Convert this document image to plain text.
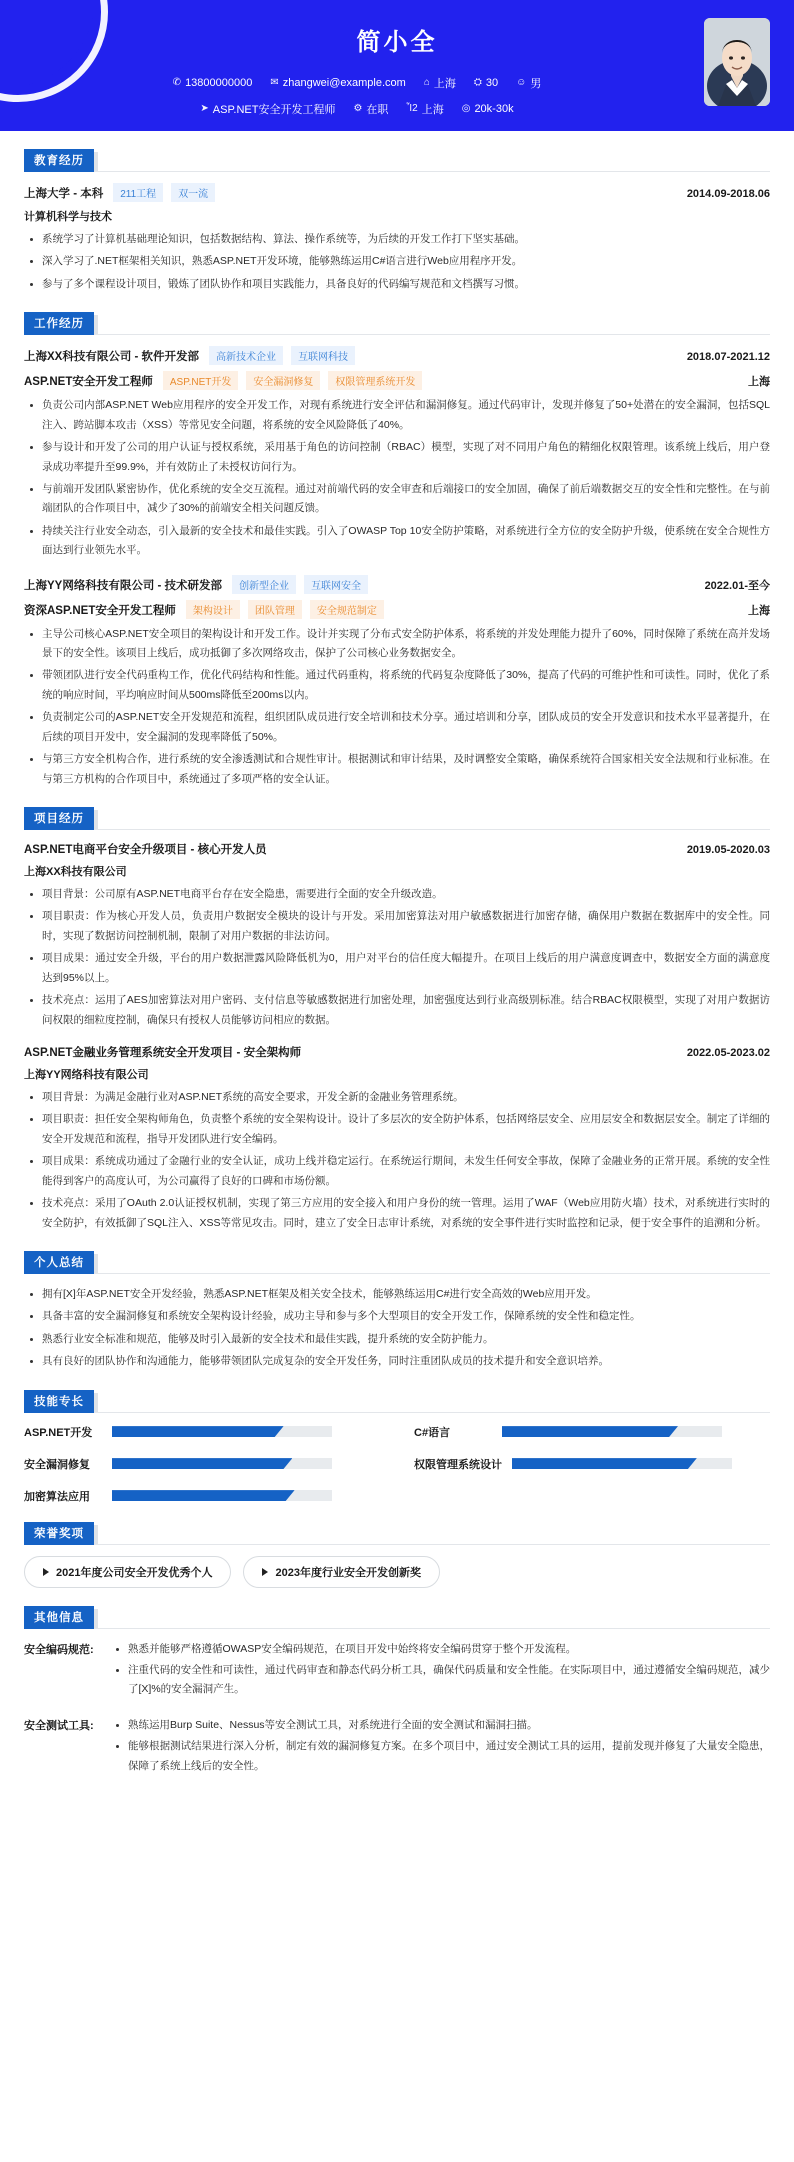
简小全
✆ 13800000000 ✉ zhangwei@example.com ⌂ 上海 ⛭ 30 ☺ 男
➤ ASP.NET安全开发工程师 ⚙ 在职 Ἶ2 上海 ◎ 20k-30k
教育经历
上海大学 - 本科	211工程	双一流	2014.09-2018.06
计算机科学与技术
系统学习了计算机基础理论知识，包括数据结构、算法、操作系统等，为后续的开发工作打下坚实基础。
深入学习了.NET框架相关知识，熟悉ASP.NET开发环境，能够熟练运用C#语言进行Web应用程序开发。
参与了多个课程设计项目，锻炼了团队协作和项目实践能力，具备良好的代码编写规范和文档撰写习惯。
工作经历
上海XX科技有限公司 - 软件开发部	高新技术企业	互联网科技	2018.07-2021.12
ASP.NET安全开发工程师	ASP.NET开发	安全漏洞修复	权限管理系统开发	上海
负责公司内部ASP.NET Web应用程序的安全开发工作，对现有系统进行安全评估和漏洞修复。通过代码审计，发现并修复了50+处潜在的安全漏洞，包括SQL注入、跨站脚本攻击（XSS）等常见安全问题，将系统的安全风险降低了40%。
参与设计和开发了公司的用户认证与授权系统，采用基于角色的访问控制（RBAC）模型，实现了对不同用户角色的精细化权限管理。该系统上线后，用户登录成功率提升至99.9%，并有效防止了未授权访问行为。
与前端开发团队紧密协作，优化系统的安全交互流程。通过对前端代码的安全审查和后端接口的安全加固，确保了前后端数据交互的安全性和完整性。在与前端团队的合作项目中，减少了30%的前端安全相关问题反馈。
持续关注行业安全动态，引入最新的安全技术和最佳实践。引入了OWASP Top 10安全防护策略，对系统进行全方位的安全防护升级，使系统在安全合规性方面达到行业领先水平。
上海YY网络科技有限公司 - 技术研发部	创新型企业	互联网安全	2022.01-至今
资深ASP.NET安全开发工程师	架构设计	团队管理	安全规范制定	上海
主导公司核心ASP.NET安全项目的架构设计和开发工作。设计并实现了分布式安全防护体系，将系统的并发处理能力提升了60%，同时保障了系统在高并发场景下的安全性。该项目上线后，成功抵御了多次网络攻击，保护了公司核心业务数据安全。
带领团队进行安全代码重构工作，优化代码结构和性能。通过代码重构，将系统的代码复杂度降低了30%，提高了代码的可维护性和可读性。同时，优化了系统的响应时间，平均响应时间从500ms降低至200ms以内。
负责制定公司的ASP.NET安全开发规范和流程，组织团队成员进行安全培训和技术分享。通过培训和分享，团队成员的安全开发意识和技术水平显著提升，在后续的项目开发中，安全漏洞的发现率降低了50%。
与第三方安全机构合作，进行系统的安全渗透测试和合规性审计。根据测试和审计结果，及时调整安全策略，确保系统符合国家相关安全法规和行业标准。在与第三方机构的合作项目中，系统通过了多项严格的安全认证。
项目经历
ASP.NET电商平台安全升级项目 - 核心开发人员	2019.05-2020.03
上海XX科技有限公司
项目背景：公司原有ASP.NET电商平台存在安全隐患，需要进行全面的安全升级改造。
项目职责：作为核心开发人员，负责用户数据安全模块的设计与开发。采用加密算法对用户敏感数据进行加密存储，确保用户数据在数据库中的安全性。同时，实现了数据访问控制机制，限制了对用户数据的非法访问。
项目成果：通过安全升级，平台的用户数据泄露风险降低机为0，用户对平台的信任度大幅提升。在项目上线后的用户满意度调查中，数据安全方面的满意度达到95%以上。
技术亮点：运用了AES加密算法对用户密码、支付信息等敏感数据进行加密处理，加密强度达到行业高级别标准。结合RBAC权限模型，实现了对用户数据访问权限的细粒度控制，确保只有授权人员能够访问相应的数据。
ASP.NET金融业务管理系统安全开发项目 - 安全架构师	2022.05-2023.02
上海YY网络科技有限公司
项目背景：为满足金融行业对ASP.NET系统的高安全要求，开发全新的金融业务管理系统。
项目职责：担任安全架构师角色，负责整个系统的安全架构设计。设计了多层次的安全防护体系，包括网络层安全、应用层安全和数据层安全。制定了详细的安全开发规范和流程，指导开发团队进行安全编码。
项目成果：系统成功通过了金融行业的安全认证，成功上线并稳定运行。在系统运行期间，未发生任何安全事故，保障了金融业务的正常开展。系统的安全性能得到客户的高度认可，为公司赢得了良好的口碑和市场份额。
技术亮点：采用了OAuth 2.0认证授权机制，实现了第三方应用的安全接入和用户身份的统一管理。运用了WAF（Web应用防火墙）技术，对系统进行实时的安全防护，有效抵御了SQL注入、XSS等常见攻击。同时，建立了安全日志审计系统，对系统的安全事件进行实时监控和记录，便于安全事件的追溯和分析。
个人总结
拥有[X]年ASP.NET安全开发经验，熟悉ASP.NET框架及相关安全技术，能够熟练运用C#进行安全高效的Web应用开发。
具备丰富的安全漏洞修复和系统安全架构设计经验，成功主导和参与多个大型项目的安全开发工作，保障系统的安全性和稳定性。
熟悉行业安全标准和规范，能够及时引入最新的安全技术和最佳实践，提升系统的安全防护能力。
具有良好的团队协作和沟通能力，能够带领团队完成复杂的安全开发任务，同时注重团队成员的技术提升和安全意识培养。
技能专长
ASP.NET开发	C#语言
安全漏洞修复	权限管理系统设计
加密算法应用
荣誉奖项
2021年度公司安全开发优秀个人	2023年度行业安全开发创新奖
其他信息
安全编码规范:	熟悉并能够严格遵循OWASP安全编码规范，在项目开发中始终将安全编码贯穿于整个开发流程。
注重代码的安全性和可读性，通过代码审查和静态代码分析工具，确保代码质量和安全性能。在实际项目中，通过遵循安全编码规范，减少了[X]%的安全漏洞产生。
安全测试工具:	熟练运用Burp Suite、Nessus等安全测试工具，对系统进行全面的安全测试和漏洞扫描。
能够根据测试结果进行深入分析，制定有效的漏洞修复方案。在多个项目中，通过安全测试工具的运用，提前发现并修复了大量安全隐患，保障了系统上线后的安全性。
